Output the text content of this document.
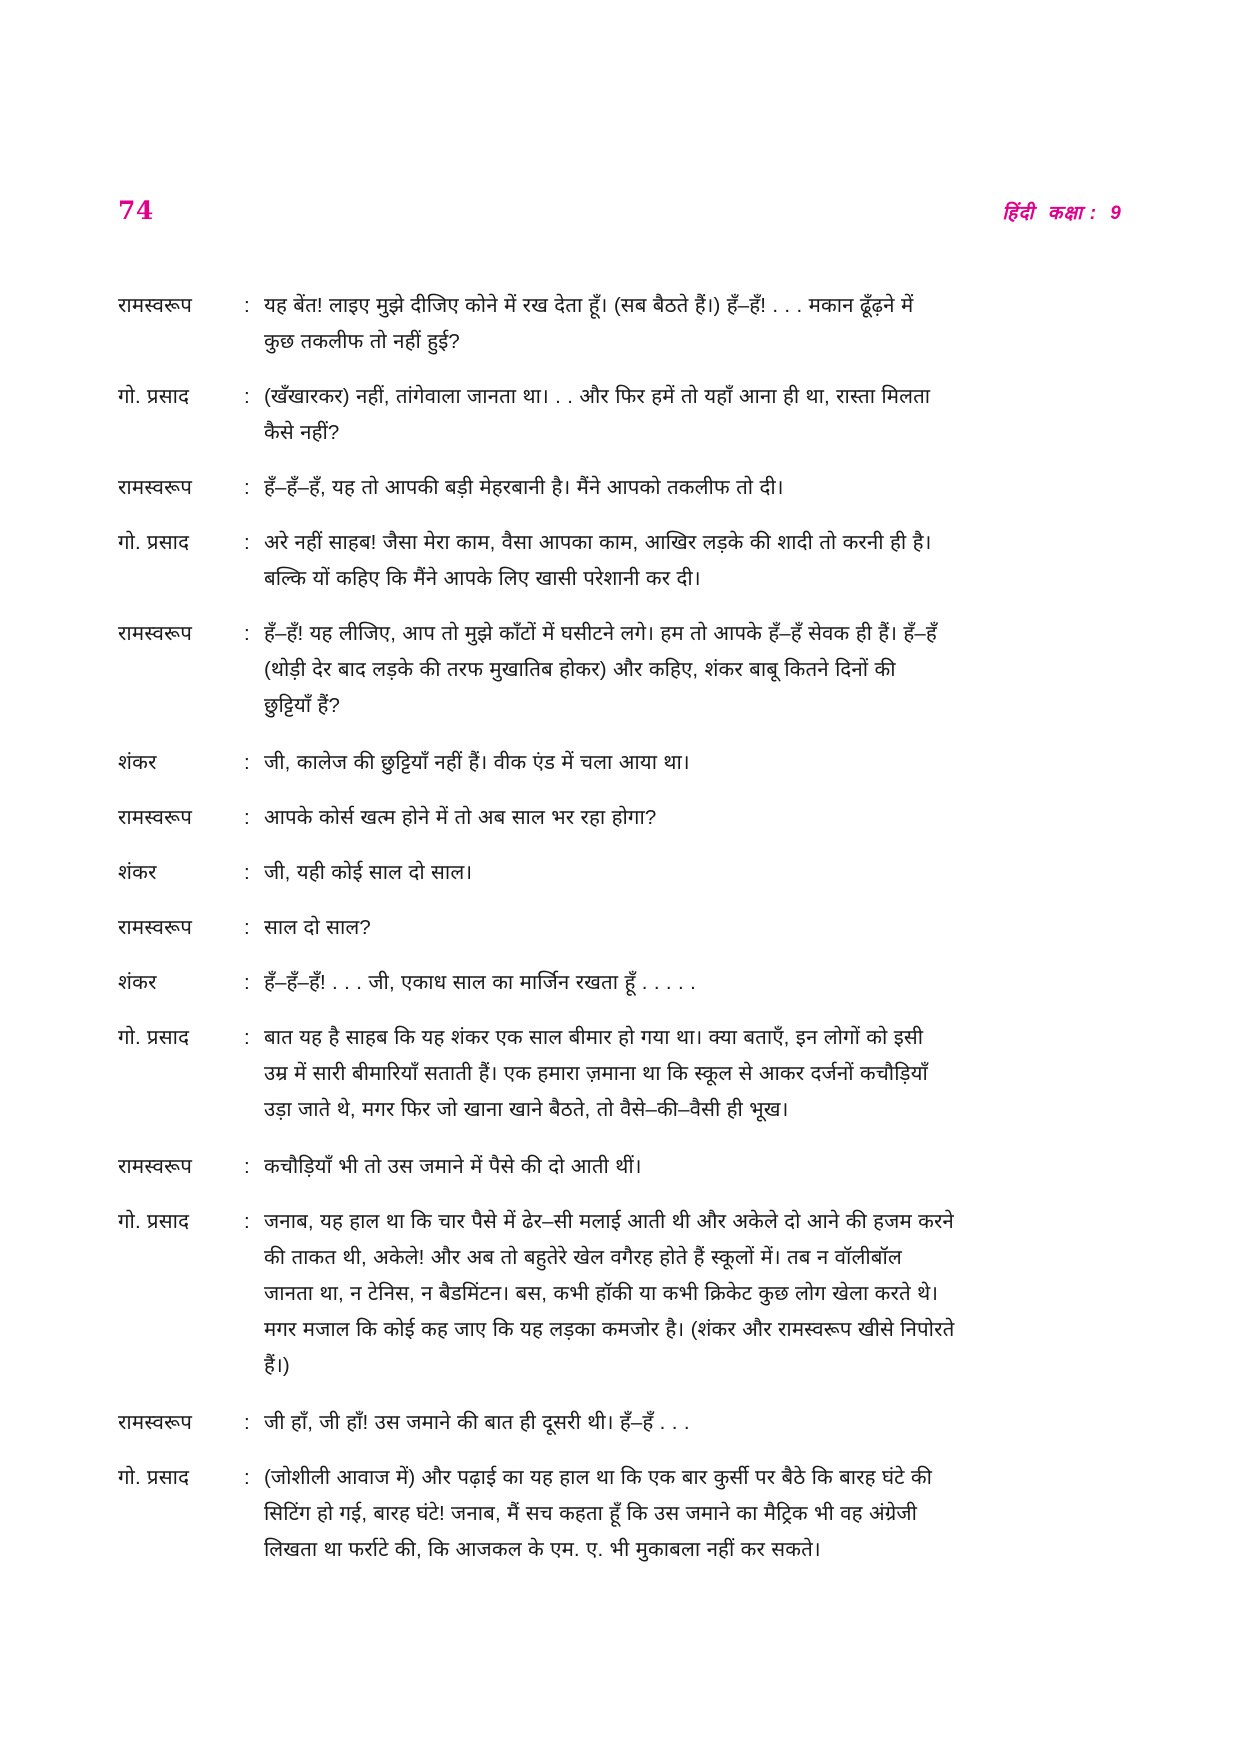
74	हिंदी  कक्षा :  9
रामस्वरूप	: यह बेंत! लाइए मुझे दीजिए कोने में रख देता हूँ। (सब बैठते हैं।) हँ–हँ! . . . मकान ढूँढ़ने में
कुछ तकलीफ तो नहीं हुई?
गो. प्रसाद	: (खँखारकर) नहीं, तांगेवाला जानता था। . . और फिर हमें तो यहाँ आना ही था, रास्ता मिलता
कैसे नहीं?
रामस्वरूप	: हँ–हँ–हँ, यह तो आपकी बड़ी मेहरबानी है। मैंने आपको तकलीफ तो दी।
गो. प्रसाद	: अरे नहीं साहब! जैसा मेरा काम, वैसा आपका काम, आखिर लड़के की शादी तो करनी ही है।
बल्कि यों कहिए कि मैंने आपके लिए खासी परेशानी कर दी।
रामस्वरूप	: हँ–हँ! यह लीजिए, आप तो मुझे काँटों में घसीटने लगे। हम तो आपके हँ–हँ सेवक ही हैं। हँ–हँ
(थोड़ी देर बाद लड़के की तरफ मुखातिब होकर) और कहिए, शंकर बाबू कितने दिनों की
छुट्टियाँ हैं?
शंकर	: जी, कालेज की छुट्टियाँ नहीं हैं। वीक एंड में चला आया था।
रामस्वरूप	: आपके कोर्स खत्म होने में तो अब साल भर रहा होगा?
शंकर	: जी, यही कोई साल दो साल।
रामस्वरूप	: साल दो साल?
शंकर	: हँ–हँ–हँ! . . . जी, एकाध साल का मार्जिन रखता हूँ . . . . .
गो. प्रसाद	: बात यह है साहब कि यह शंकर एक साल बीमार हो गया था। क्या बताएँ, इन लोगों को इसी
उम्र में सारी बीमारियाँ सताती हैं। एक हमारा ज़माना था कि स्कूल से आकर दर्जनों कचौड़ियाँ
उड़ा जाते थे, मगर फिर जो खाना खाने बैठते, तो वैसे–की–वैसी ही भूख।
रामस्वरूप	: कचौड़ियाँ भी तो उस जमाने में पैसे की दो आती थीं।
गो. प्रसाद	: जनाब, यह हाल था कि चार पैसे में ढेर–सी मलाई आती थी और अकेले दो आने की हजम करने
की ताकत थी, अकेले! और अब तो बहुतेरे खेल वगैरह होते हैं स्कूलों में। तब न वॉलीबॉल
जानता था, न टेनिस, न बैडमिंटन। बस, कभी हॉकी या कभी क्रिकेट कुछ लोग खेला करते थे।
मगर मजाल कि कोई कह जाए कि यह लड़का कमजोर है। (शंकर और रामस्वरूप खीसे निपोरते
हैं।)
रामस्वरूप	: जी हाँ, जी हाँ! उस जमाने की बात ही दूसरी थी। हँ–हँ . . .
गो. प्रसाद	: (जोशीली आवाज में) और पढ़ाई का यह हाल था कि एक बार कुर्सी पर बैठे कि बारह घंटे की
सिटिंग हो गई, बारह घंटे! जनाब, मैं सच कहता हूँ कि उस जमाने का मैट्रिक भी वह अंग्रेजी
लिखता था फर्राटे की, कि आजकल के एम. ए. भी मुकाबला नहीं कर सकते।
